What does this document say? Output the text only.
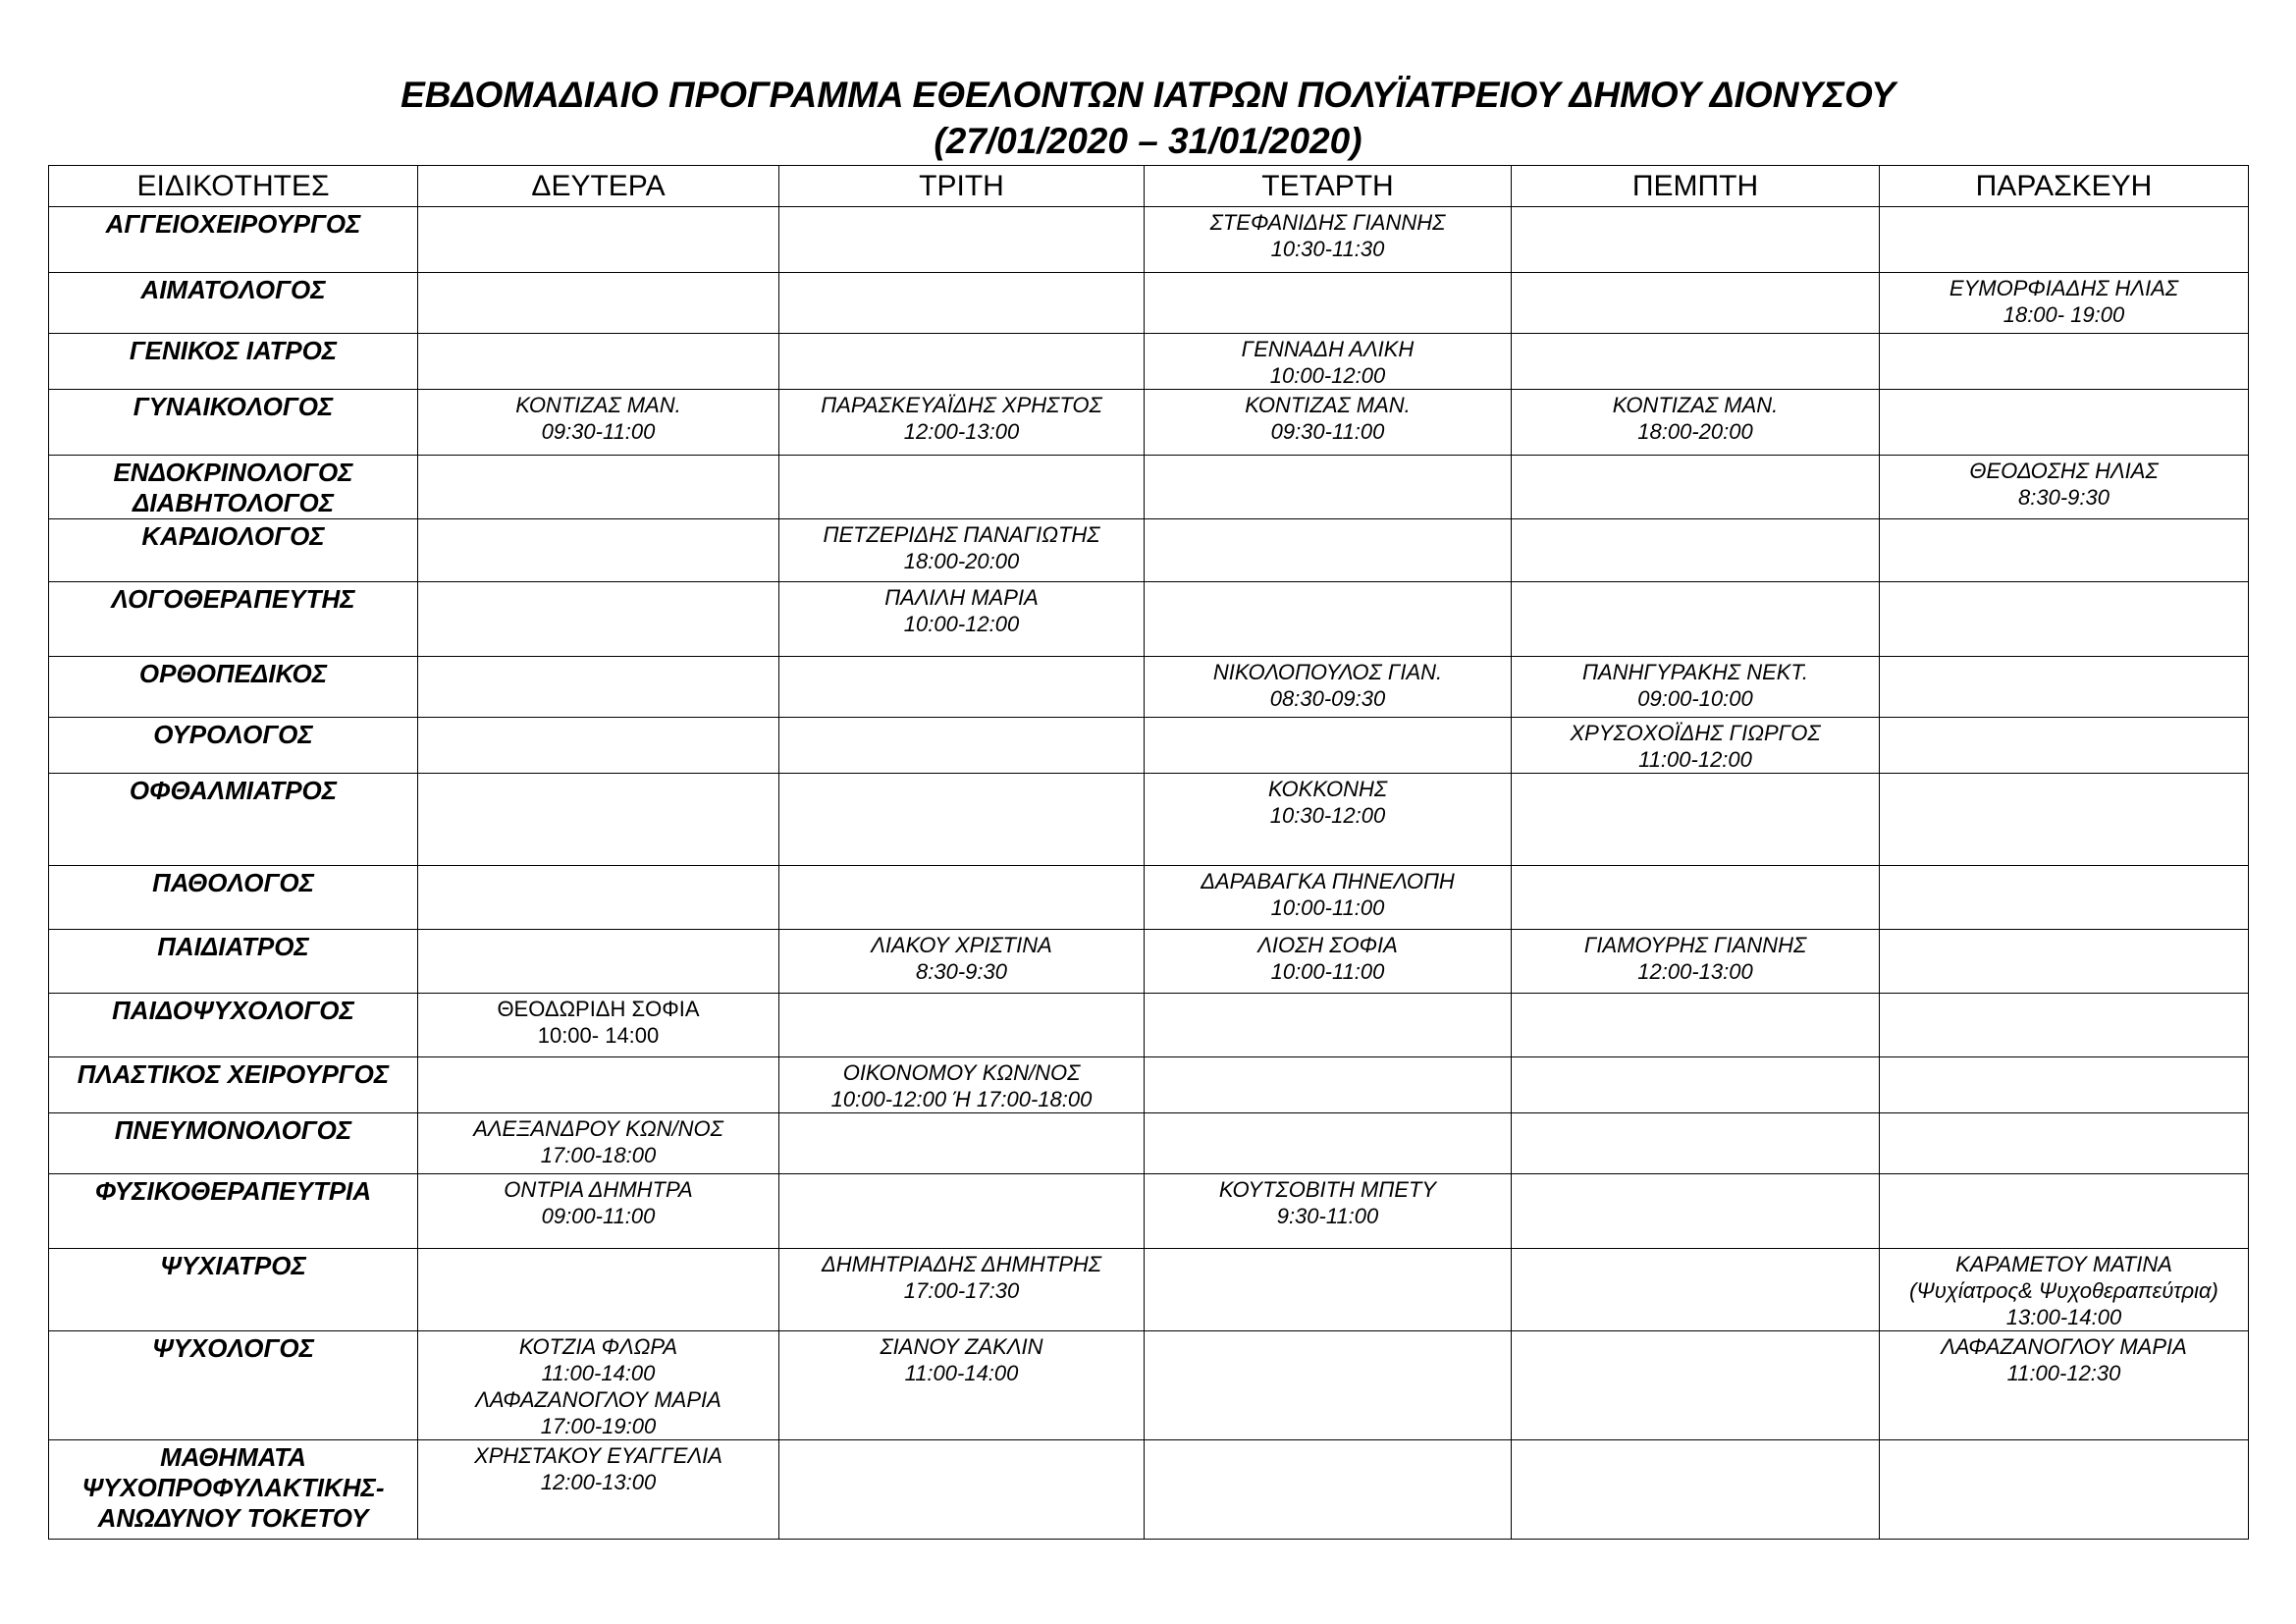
ΕΒΔΟΜΑΔΙΑΙΟ ΠΡΟΓΡΑΜΜΑ ΕΘΕΛΟΝΤΩΝ ΙΑΤΡΩΝ ΠΟΛΥΪΑΤΡΕΙΟΥ ΔΗΜΟΥ ΔΙΟΝΥΣΟΥ
(27/01/2020 – 31/01/2020)
ΕΙΔΙΚΟΤΗΤΕΣ	ΔΕΥΤΕΡΑ	ΤΡΙΤΗ	ΤΕΤΑΡΤΗ	ΠΕΜΠΤΗ	ΠΑΡΑΣΚΕΥΗ

ΑΓΓΕΙΟΧΕΙΡΟΥΡΓΟΣ			ΣΤΕΦΑΝΙΔΗΣ ΓΙΑΝΝΗΣ
10:30-11:30		

ΑΙΜΑΤΟΛΟΓΟΣ					ΕΥΜΟΡΦΙΑΔΗΣ ΗΛΙΑΣ
18:00- 19:00

ΓΕΝΙΚΟΣ ΙΑΤΡΟΣ			ΓΕΝΝΑΔΗ ΑΛΙΚΗ
10:00-12:00		

ΓΥΝΑΙΚΟΛΟΓΟΣ	ΚΟΝΤΙΖΑΣ ΜΑΝ.
09:30-11:00	ΠΑΡΑΣΚΕΥΑΪΔΗΣ ΧΡΗΣΤΟΣ
12:00-13:00	ΚΟΝΤΙΖΑΣ ΜΑΝ.
09:30-11:00	ΚΟΝΤΙΖΑΣ ΜΑΝ.
18:00-20:00	

ΕΝΔΟΚΡΙΝΟΛΟΓΟΣ
ΔΙΑΒΗΤΟΛΟΓΟΣ					ΘΕΟΔΟΣΗΣ ΗΛΙΑΣ
8:30-9:30

ΚΑΡΔΙΟΛΟΓΟΣ		ΠΕΤΖΕΡΙΔΗΣ ΠΑΝΑΓΙΩΤΗΣ
18:00-20:00			

ΛΟΓΟΘΕΡΑΠΕΥΤΗΣ		ΠΑΛΙΛΗ ΜΑΡΙΑ
10:00-12:00			

ΟΡΘΟΠΕΔΙΚΟΣ			ΝΙΚΟΛΟΠΟΥΛΟΣ ΓΙΑΝ.
08:30-09:30	ΠΑΝΗΓΥΡΑΚΗΣ ΝΕΚΤ.
09:00-10:00	

ΟΥΡΟΛΟΓΟΣ				ΧΡΥΣΟΧΟΪΔΗΣ ΓΙΩΡΓΟΣ
11:00-12:00	

ΟΦΘΑΛΜΙΑΤΡΟΣ			ΚΟΚΚΟΝΗΣ
10:30-12:00		

ΠΑΘΟΛΟΓΟΣ			ΔΑΡΑΒΑΓΚΑ ΠΗΝΕΛΟΠΗ
10:00-11:00		

ΠΑΙΔΙΑΤΡΟΣ		ΛΙΑΚΟΥ ΧΡΙΣΤΙΝΑ
8:30-9:30	ΛΙΟΣΗ ΣΟΦΙΑ
10:00-11:00	ΓΙΑΜΟΥΡΗΣ ΓΙΑΝΝΗΣ
12:00-13:00	

ΠΑΙΔΟΨΥΧΟΛΟΓΟΣ	ΘΕΟΔΩΡΙΔΗ ΣΟΦΙΑ
10:00- 14:00				

ΠΛΑΣΤΙΚΟΣ ΧΕΙΡΟΥΡΓΟΣ		ΟΙΚΟΝΟΜΟΥ ΚΩΝ/ΝΟΣ
10:00-12:00 Ή 17:00-18:00			

ΠΝΕΥΜΟΝΟΛΟΓΟΣ	ΑΛΕΞΑΝΔΡΟΥ ΚΩΝ/ΝΟΣ
17:00-18:00				

ΦΥΣΙΚΟΘΕΡΑΠΕΥΤΡΙΑ	ΟΝΤΡΙΑ ΔΗΜΗΤΡΑ
09:00-11:00		ΚΟΥΤΣΟΒΙΤΗ ΜΠΕΤΥ
9:30-11:00		

ΨΥΧΙΑΤΡΟΣ		ΔΗΜΗΤΡΙΑΔΗΣ ΔΗΜΗΤΡΗΣ
17:00-17:30			ΚΑΡΑΜΕΤΟΥ ΜΑΤΙΝΑ
(Ψυχίατρος& Ψυχοθεραπεύτρια)
13:00-14:00

ΨΥΧΟΛΟΓΟΣ	ΚΟΤΖΙΑ ΦΛΩΡΑ
11:00-14:00
ΛΑΦΑΖΑΝΟΓΛΟΥ ΜΑΡΙΑ
17:00-19:00	ΣΙΑΝΟΥ ΖΑΚΛΙΝ
11:00-14:00			ΛΑΦΑΖΑΝΟΓΛΟΥ ΜΑΡΙΑ
11:00-12:30

ΜΑΘΗΜΑΤΑ
ΨΥΧΟΠΡΟΦΥΛΑΚΤΙΚΗΣ-
ΑΝΩΔΥΝΟΥ ΤΟΚΕΤΟΥ	ΧΡΗΣΤΑΚΟΥ ΕΥΑΓΓΕΛΙΑ
12:00-13:00				
